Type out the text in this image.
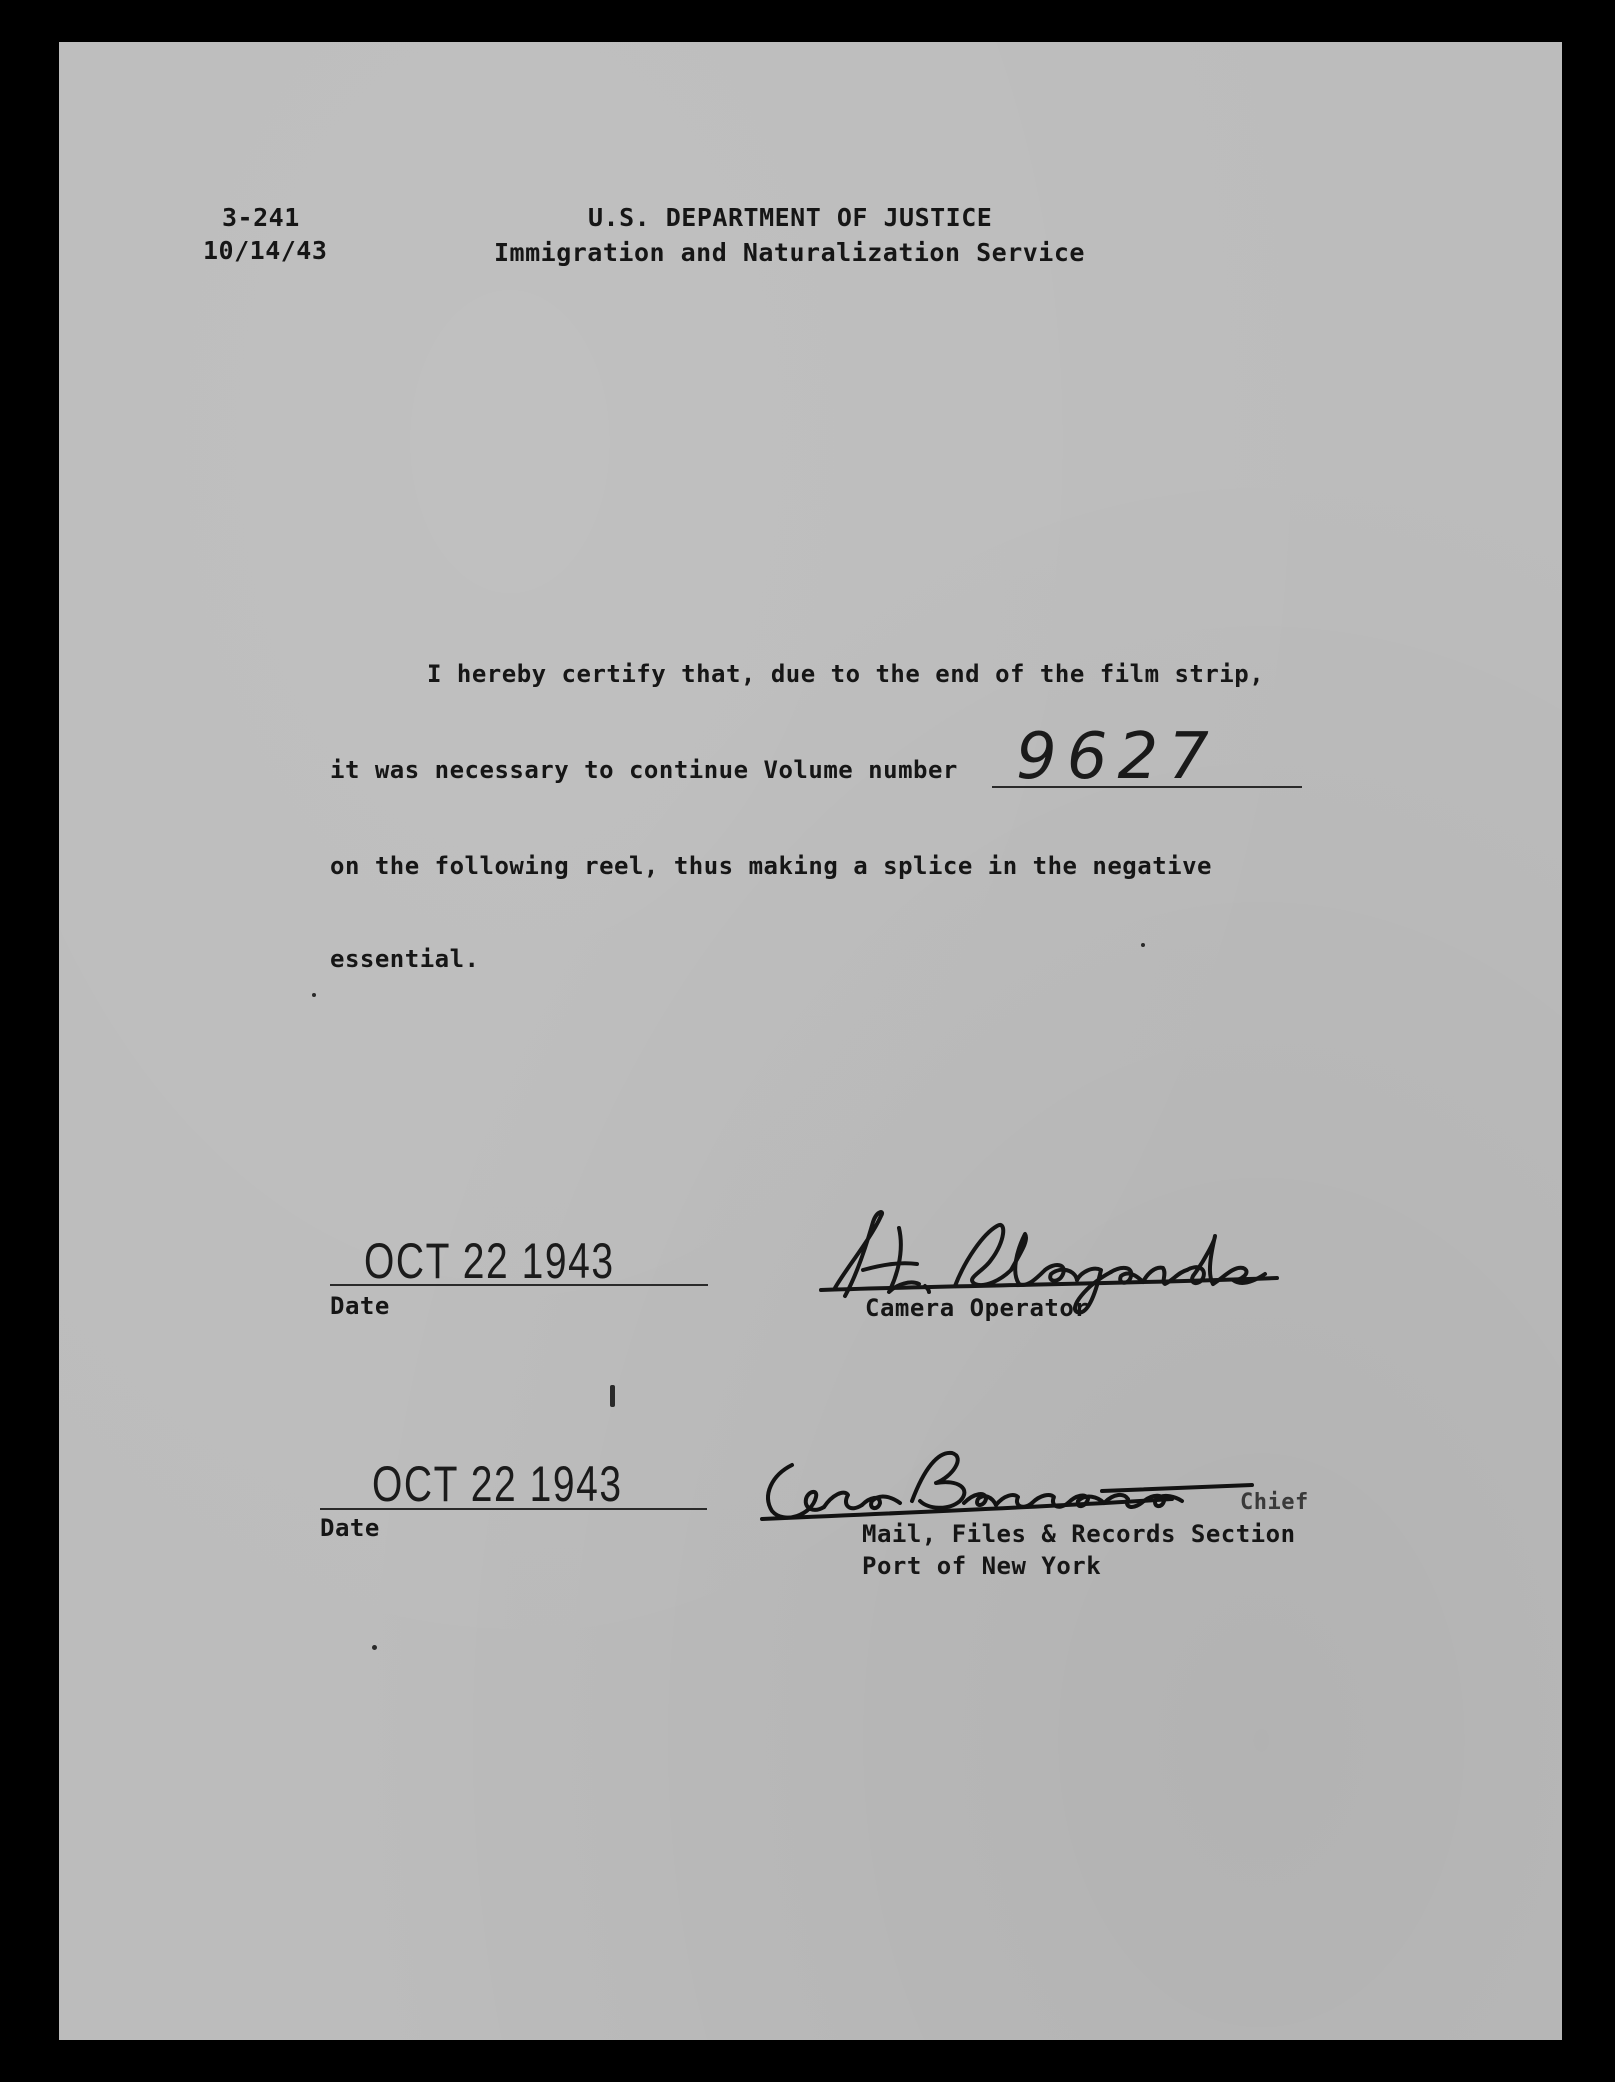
3-241
10/14/43
U.S. DEPARTMENT OF JUSTICE
Immigration and Naturalization Service
I hereby certify that, due to the end of the film strip,
it was necessary to continue Volume number 9627
on the following reel, thus making a splice in the negative
essential.
OCT 22 1943
Date	Camera Operator
OCT 22 1943
Date
Chief
Mail, Files & Records Section
Port of New York
